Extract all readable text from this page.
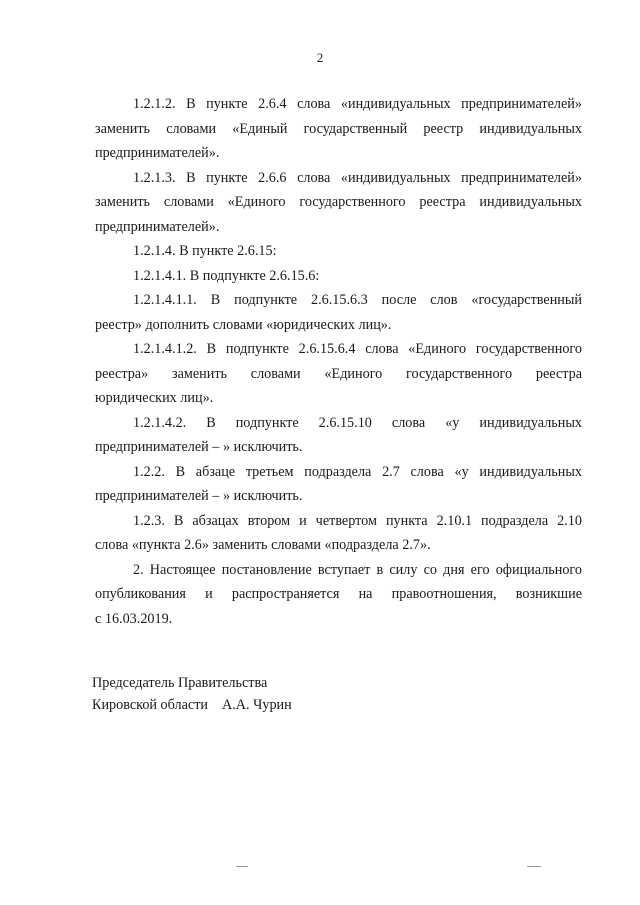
2
1.2.1.2. В пункте 2.6.4 слова «индивидуальных предпринимателей»
заменить словами «Единый государственный реестр индивидуальных
предпринимателей».
1.2.1.3. В пункте 2.6.6 слова «индивидуальных предпринимателей»
заменить словами «Единого государственного реестра индивидуальных
предпринимателей».
1.2.1.4. В пункте 2.6.15:
1.2.1.4.1. В подпункте 2.6.15.6:
1.2.1.4.1.1. В подпункте 2.6.15.6.3 после слов «государственный
реестр» дополнить словами «юридических лиц».
1.2.1.4.1.2. В подпункте 2.6.15.6.4 слова «Единого государственного
реестра» заменить словами «Единого государственного реестра
юридических лиц».
1.2.1.4.2. В подпункте 2.6.15.10 слова «у индивидуальных
предпринимателей – » исключить.
1.2.2. В абзаце третьем подраздела 2.7 слова «у индивидуальных
предпринимателей – » исключить.
1.2.3. В абзацах втором и четвертом пункта 2.10.1 подраздела 2.10
слова «пункта 2.6» заменить словами «подраздела 2.7».
2. Настоящее постановление вступает в силу со дня его официального
опубликования и распространяется на правоотношения, возникшие
с 16.03.2019.
Председатель Правительства
Кировской области А.А. Чурин
